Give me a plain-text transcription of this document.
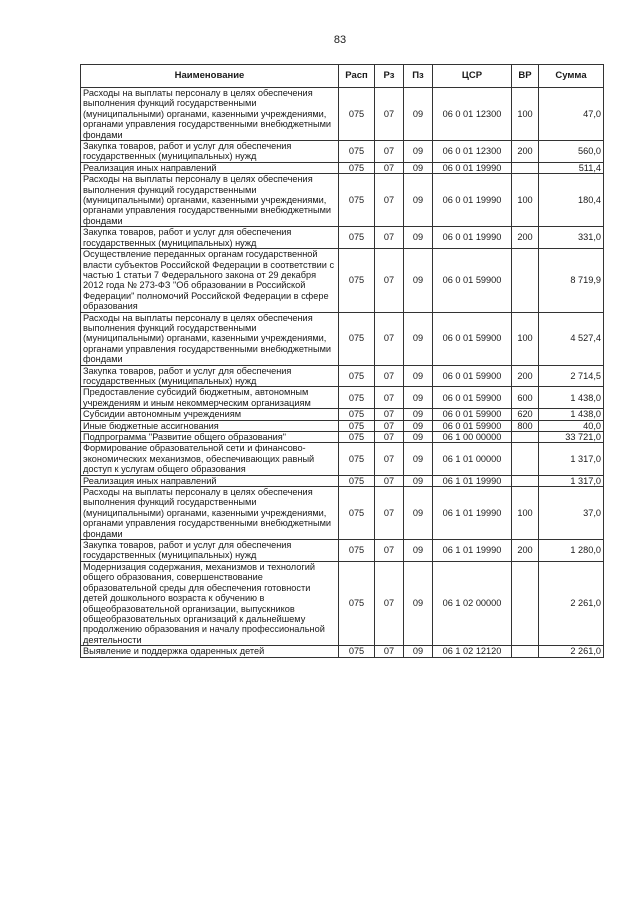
83
Наименование	Расп	Рз	Пз	ЦСР	ВР	Сумма
Расходы на выплаты персоналу в целях обеспечения выполнения функций государственными (муниципальными) органами, казенными учреждениями, органами управления государственными внебюджетными фондами	075	07	09	06 0 01 12300	100	47,0
Закупка товаров, работ и услуг для обеспечения государственных (муниципальных) нужд	075	07	09	06 0 01 12300	200	560,0
Реализация иных направлений	075	07	09	06 0 01 19990		511,4
Расходы на выплаты персоналу в целях обеспечения выполнения функций государственными (муниципальными) органами, казенными учреждениями, органами управления государственными внебюджетными фондами	075	07	09	06 0 01 19990	100	180,4
Закупка товаров, работ и услуг для обеспечения государственных (муниципальных) нужд	075	07	09	06 0 01 19990	200	331,0
Осуществление переданных органам государственной власти субъектов Российской Федерации в соответствии с частью 1 статьи 7 Федерального закона от 29 декабря 2012 года № 273-ФЗ "Об образовании в Российской Федерации" полномочий Российской Федерации в сфере образования	075	07	09	06 0 01 59900		8 719,9
Расходы на выплаты персоналу в целях обеспечения выполнения функций государственными (муниципальными) органами, казенными учреждениями, органами управления государственными внебюджетными фондами	075	07	09	06 0 01 59900	100	4 527,4
Закупка товаров, работ и услуг для обеспечения государственных (муниципальных) нужд	075	07	09	06 0 01 59900	200	2 714,5
Предоставление субсидий бюджетным, автономным учреждениям и иным некоммерческим организациям	075	07	09	06 0 01 59900	600	1 438,0
Субсидии автономным учреждениям	075	07	09	06 0 01 59900	620	1 438,0
Иные бюджетные ассигнования	075	07	09	06 0 01 59900	800	40,0
Подпрограмма "Развитие общего образования"	075	07	09	06 1 00 00000		33 721,0
Формирование образовательной сети и финансово-экономических механизмов, обеспечивающих равный доступ к услугам общего образования	075	07	09	06 1 01 00000		1 317,0
Реализация иных направлений	075	07	09	06 1 01 19990		1 317,0
Расходы на выплаты персоналу в целях обеспечения выполнения функций государственными (муниципальными) органами, казенными учреждениями, органами управления государственными внебюджетными фондами	075	07	09	06 1 01 19990	100	37,0
Закупка товаров, работ и услуг для обеспечения государственных (муниципальных) нужд	075	07	09	06 1 01 19990	200	1 280,0
Модернизация содержания, механизмов и технологий общего образования, совершенствование образовательной среды для обеспечения готовности детей дошкольного возраста к обучению в общеобразовательной организации, выпускников общеобразовательных организаций к дальнейшему продолжению образования и началу профессиональной деятельности	075	07	09	06 1 02 00000		2 261,0
Выявление и поддержка одаренных детей	075	07	09	06 1 02 12120		2 261,0
